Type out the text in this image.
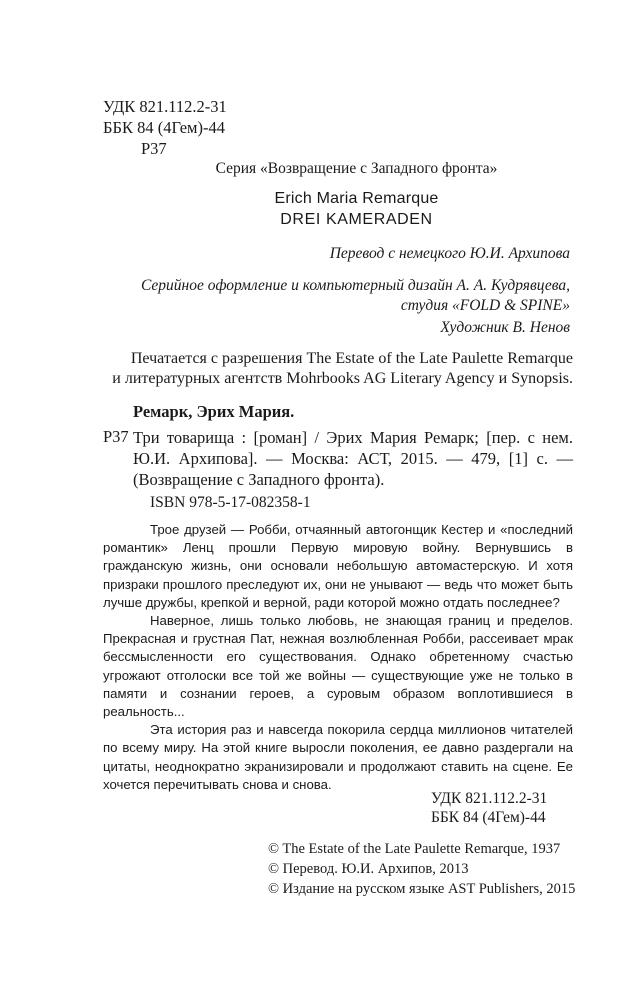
УДК 821.112.2-31
ББК 84 (4Гем)-44
Р37
Серия «Возвращение с Западного фронта»
Erich Maria Remarque
DREI KAMERADEN
Перевод с немецкого Ю.И. Архипова
Серийное оформление и компьютерный дизайн А. А. Кудрявцева,
студия «FOLD & SPINE»
Художник В. Ненов
Печатается с разрешения The Estate of the Late Paulette Remarque
и литературных агентств Mohrbooks AG Literary Agency и Synopsis.
Ремарк, Эрих Мария.
Р37 Три товарища : [роман] / Эрих Мария Ремарк; [пер. с нем. Ю.И. Архипова]. — Москва: АСТ, 2015. — 479, [1] с. — (Возвращение с Западного фронта).
ISBN 978-5-17-082358-1

Трое друзей — Робби, отчаянный автогонщик Кестер и «последний романтик» Ленц прошли Первую мировую войну. Вернувшись в гражданскую жизнь, они основали небольшую автомастерскую. И хотя призраки прошлого преследуют их, они не унывают — ведь что может быть лучше дружбы, крепкой и верной, ради которой можно отдать последнее?

Наверное, лишь только любовь, не знающая границ и пределов. Прекрасная и грустная Пат, нежная возлюбленная Робби, рассеивает мрак бессмысленности его существования. Однако обретенному счастью угрожают отголоски все той же войны — существующие уже не только в памяти и сознании героев, а суровым образом воплотившиеся в реальность...

Эта история раз и навсегда покорила сердца миллионов читателей по всему миру. На этой книге выросли поколения, ее давно раздергали на цитаты, неоднократно экранизировали и продолжают ставить на сцене. Ее хочется перечитывать снова и снова.

УДК 821.112.2-31
ББК 84 (4Гем)-44
© The Estate of the Late Paulette Remarque, 1937
© Перевод. Ю.И. Архипов, 2013
© Издание на русском языке AST Publishers, 2015
